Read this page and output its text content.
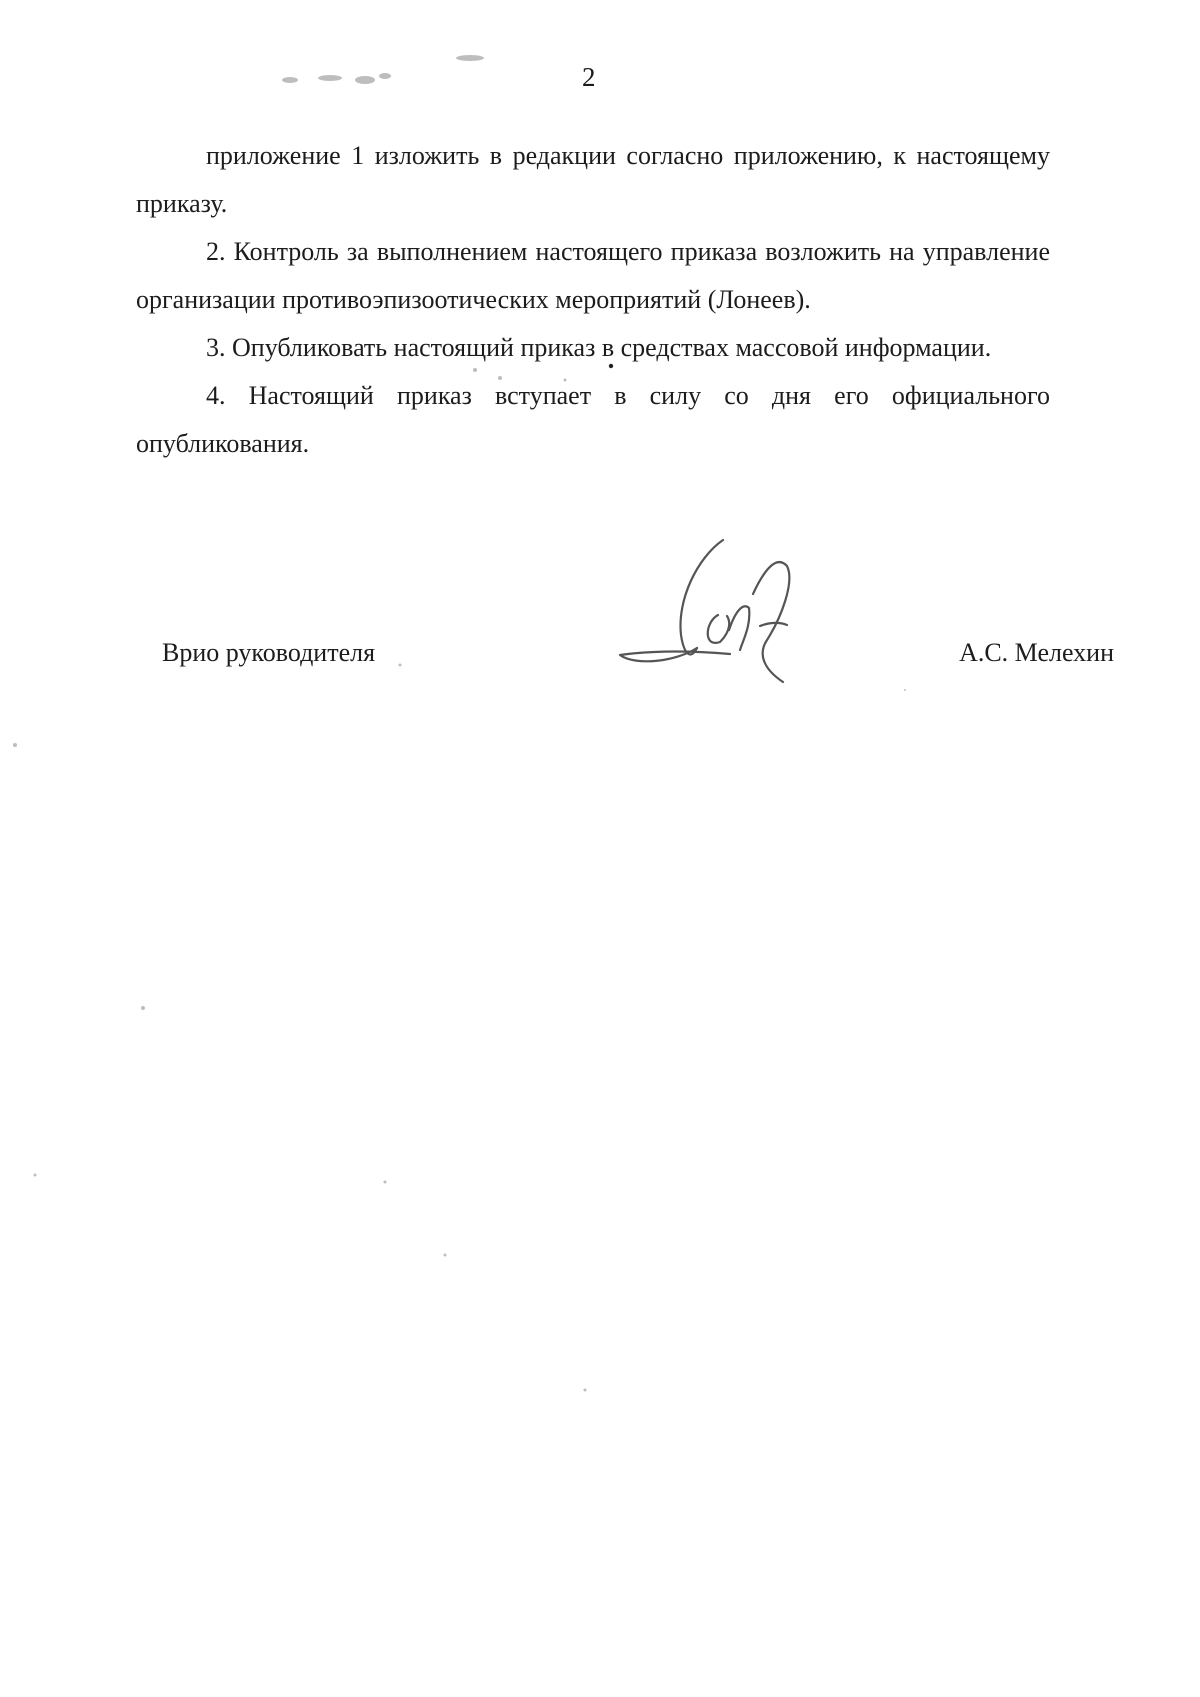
2

приложение 1 изложить в редакции согласно приложению, к настоящему приказу.

2. Контроль за выполнением настоящего приказа возложить на управление организации противоэпизоотических мероприятий (Лонеев).

3. Опубликовать настоящий приказ в средствах массовой информации.

4. Настоящий приказ вступает в силу со дня его официального опубликования.

Врио руководителя	А.С. Мелехин
